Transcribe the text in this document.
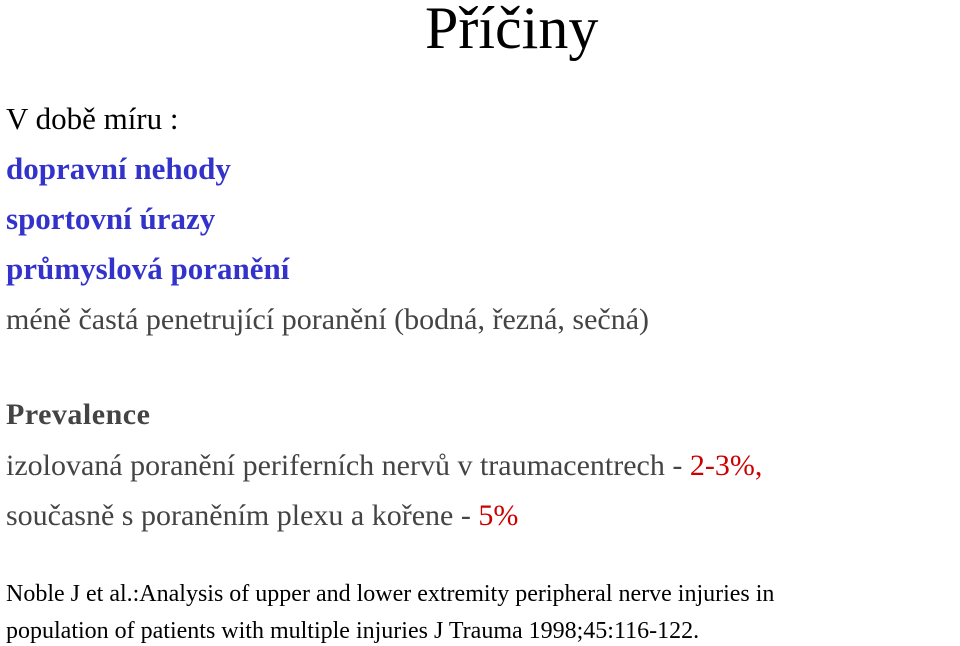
Příčiny
V době míru :
dopravní nehody
sportovní úrazy
průmyslová poranění
méně častá penetrující poranění (bodná, řezná, sečná)
Prevalence
izolovaná poranění periferních nervů v traumacentrech - 2-3%,
současně s poraněním plexu a kořene - 5%
Noble J et al.:Analysis of upper and lower extremity peripheral nerve injuries in
population of patients with multiple injuries J Trauma 1998;45:116-122.
